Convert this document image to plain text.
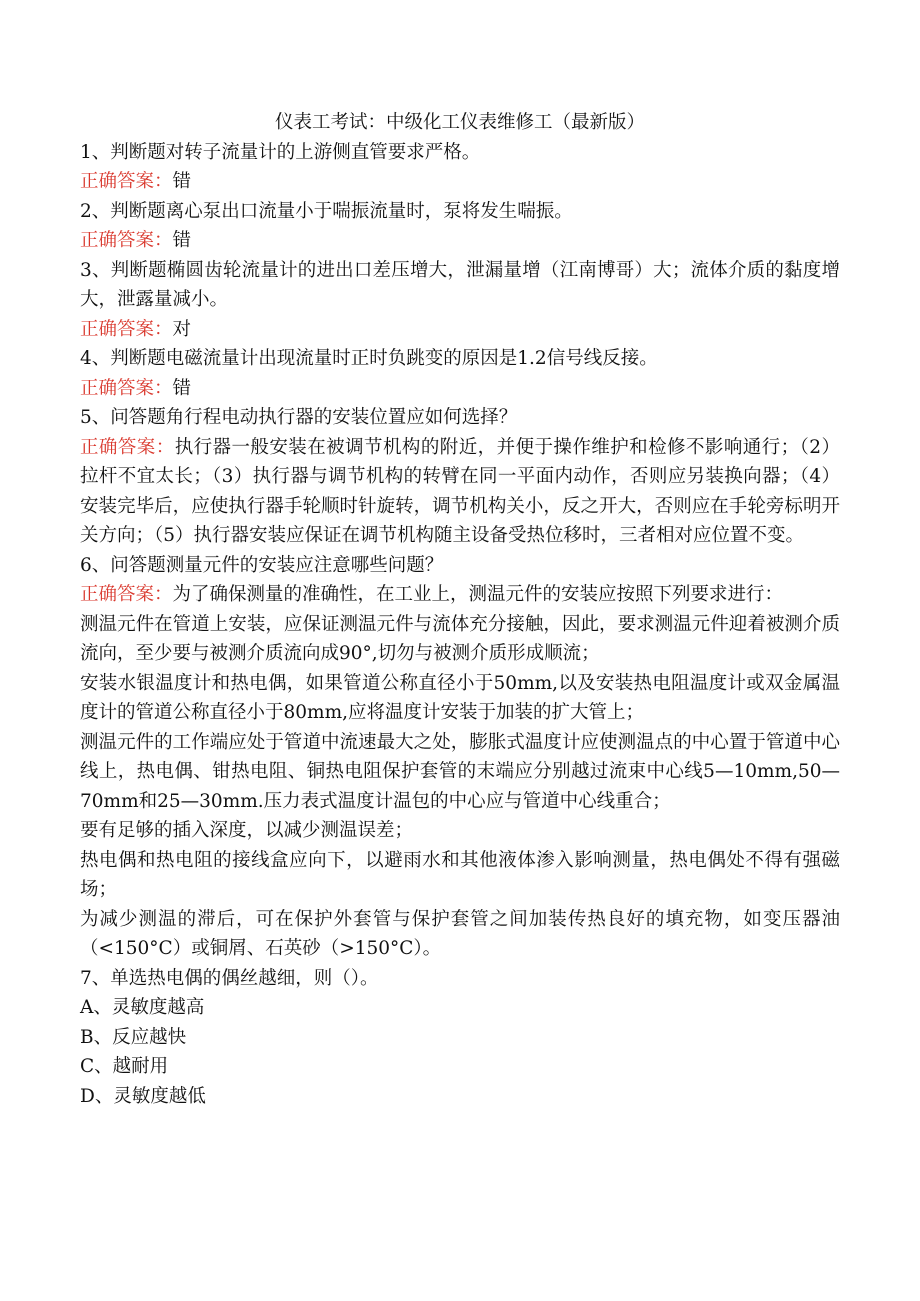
仪表工考试：中级化工仪表维修工（最新版）

1、判断题对转子流量计的上游侧直管要求严格。

正确答案：错

2、判断题离心泵出口流量小于喘振流量时，泵将发生喘振。

正确答案：错

3、判断题椭圆齿轮流量计的进出口差压增大，泄漏量增（江南博哥）大；流体介质的黏度增大，泄露量减小。

正确答案：对

4、判断题电磁流量计出现流量时正时负跳变的原因是1.2信号线反接。

正确答案：错

5、问答题角行程电动执行器的安装位置应如何选择？

正确答案：执行器一般安装在被调节机构的附近，并便于操作维护和检修不影响通行；（2）拉杆不宜太长；（3）执行器与调节机构的转臂在同一平面内动作，否则应另装换向器；（4）安装完毕后，应使执行器手轮顺时针旋转，调节机构关小，反之开大，否则应在手轮旁标明开关方向；（5）执行器安装应保证在调节机构随主设备受热位移时，三者相对应位置不变。

6、问答题测量元件的安装应注意哪些问题？

正确答案：为了确保测量的准确性，在工业上，测温元件的安装应按照下列要求进行：

测温元件在管道上安装，应保证测温元件与流体充分接触，因此，要求测温元件迎着被测介质流向，至少要与被测介质流向成90°,切勿与被测介质形成顺流；

安装水银温度计和热电偶，如果管道公称直径小于50mm,以及安装热电阻温度计或双金属温度计的管道公称直径小于80mm,应将温度计安装于加装的扩大管上；

测温元件的工作端应处于管道中流速最大之处，膨胀式温度计应使测温点的中心置于管道中心线上，热电偶、钳热电阻、铜热电阻保护套管的末端应分别越过流束中心线5—10mm,50—70mm和25—30mm.压力表式温度计温包的中心应与管道中心线重合；

要有足够的插入深度，以减少测温误差；

热电偶和热电阻的接线盒应向下，以避雨水和其他液体渗入影响测量，热电偶处不得有强磁场；

为减少测温的滞后，可在保护外套管与保护套管之间加装传热良好的填充物，如变压器油（<150°C）或铜屑、石英砂（>150°C）。

7、单选热电偶的偶丝越细，则（）。

A、灵敏度越高

B、反应越快

C、越耐用

D、灵敏度越低
